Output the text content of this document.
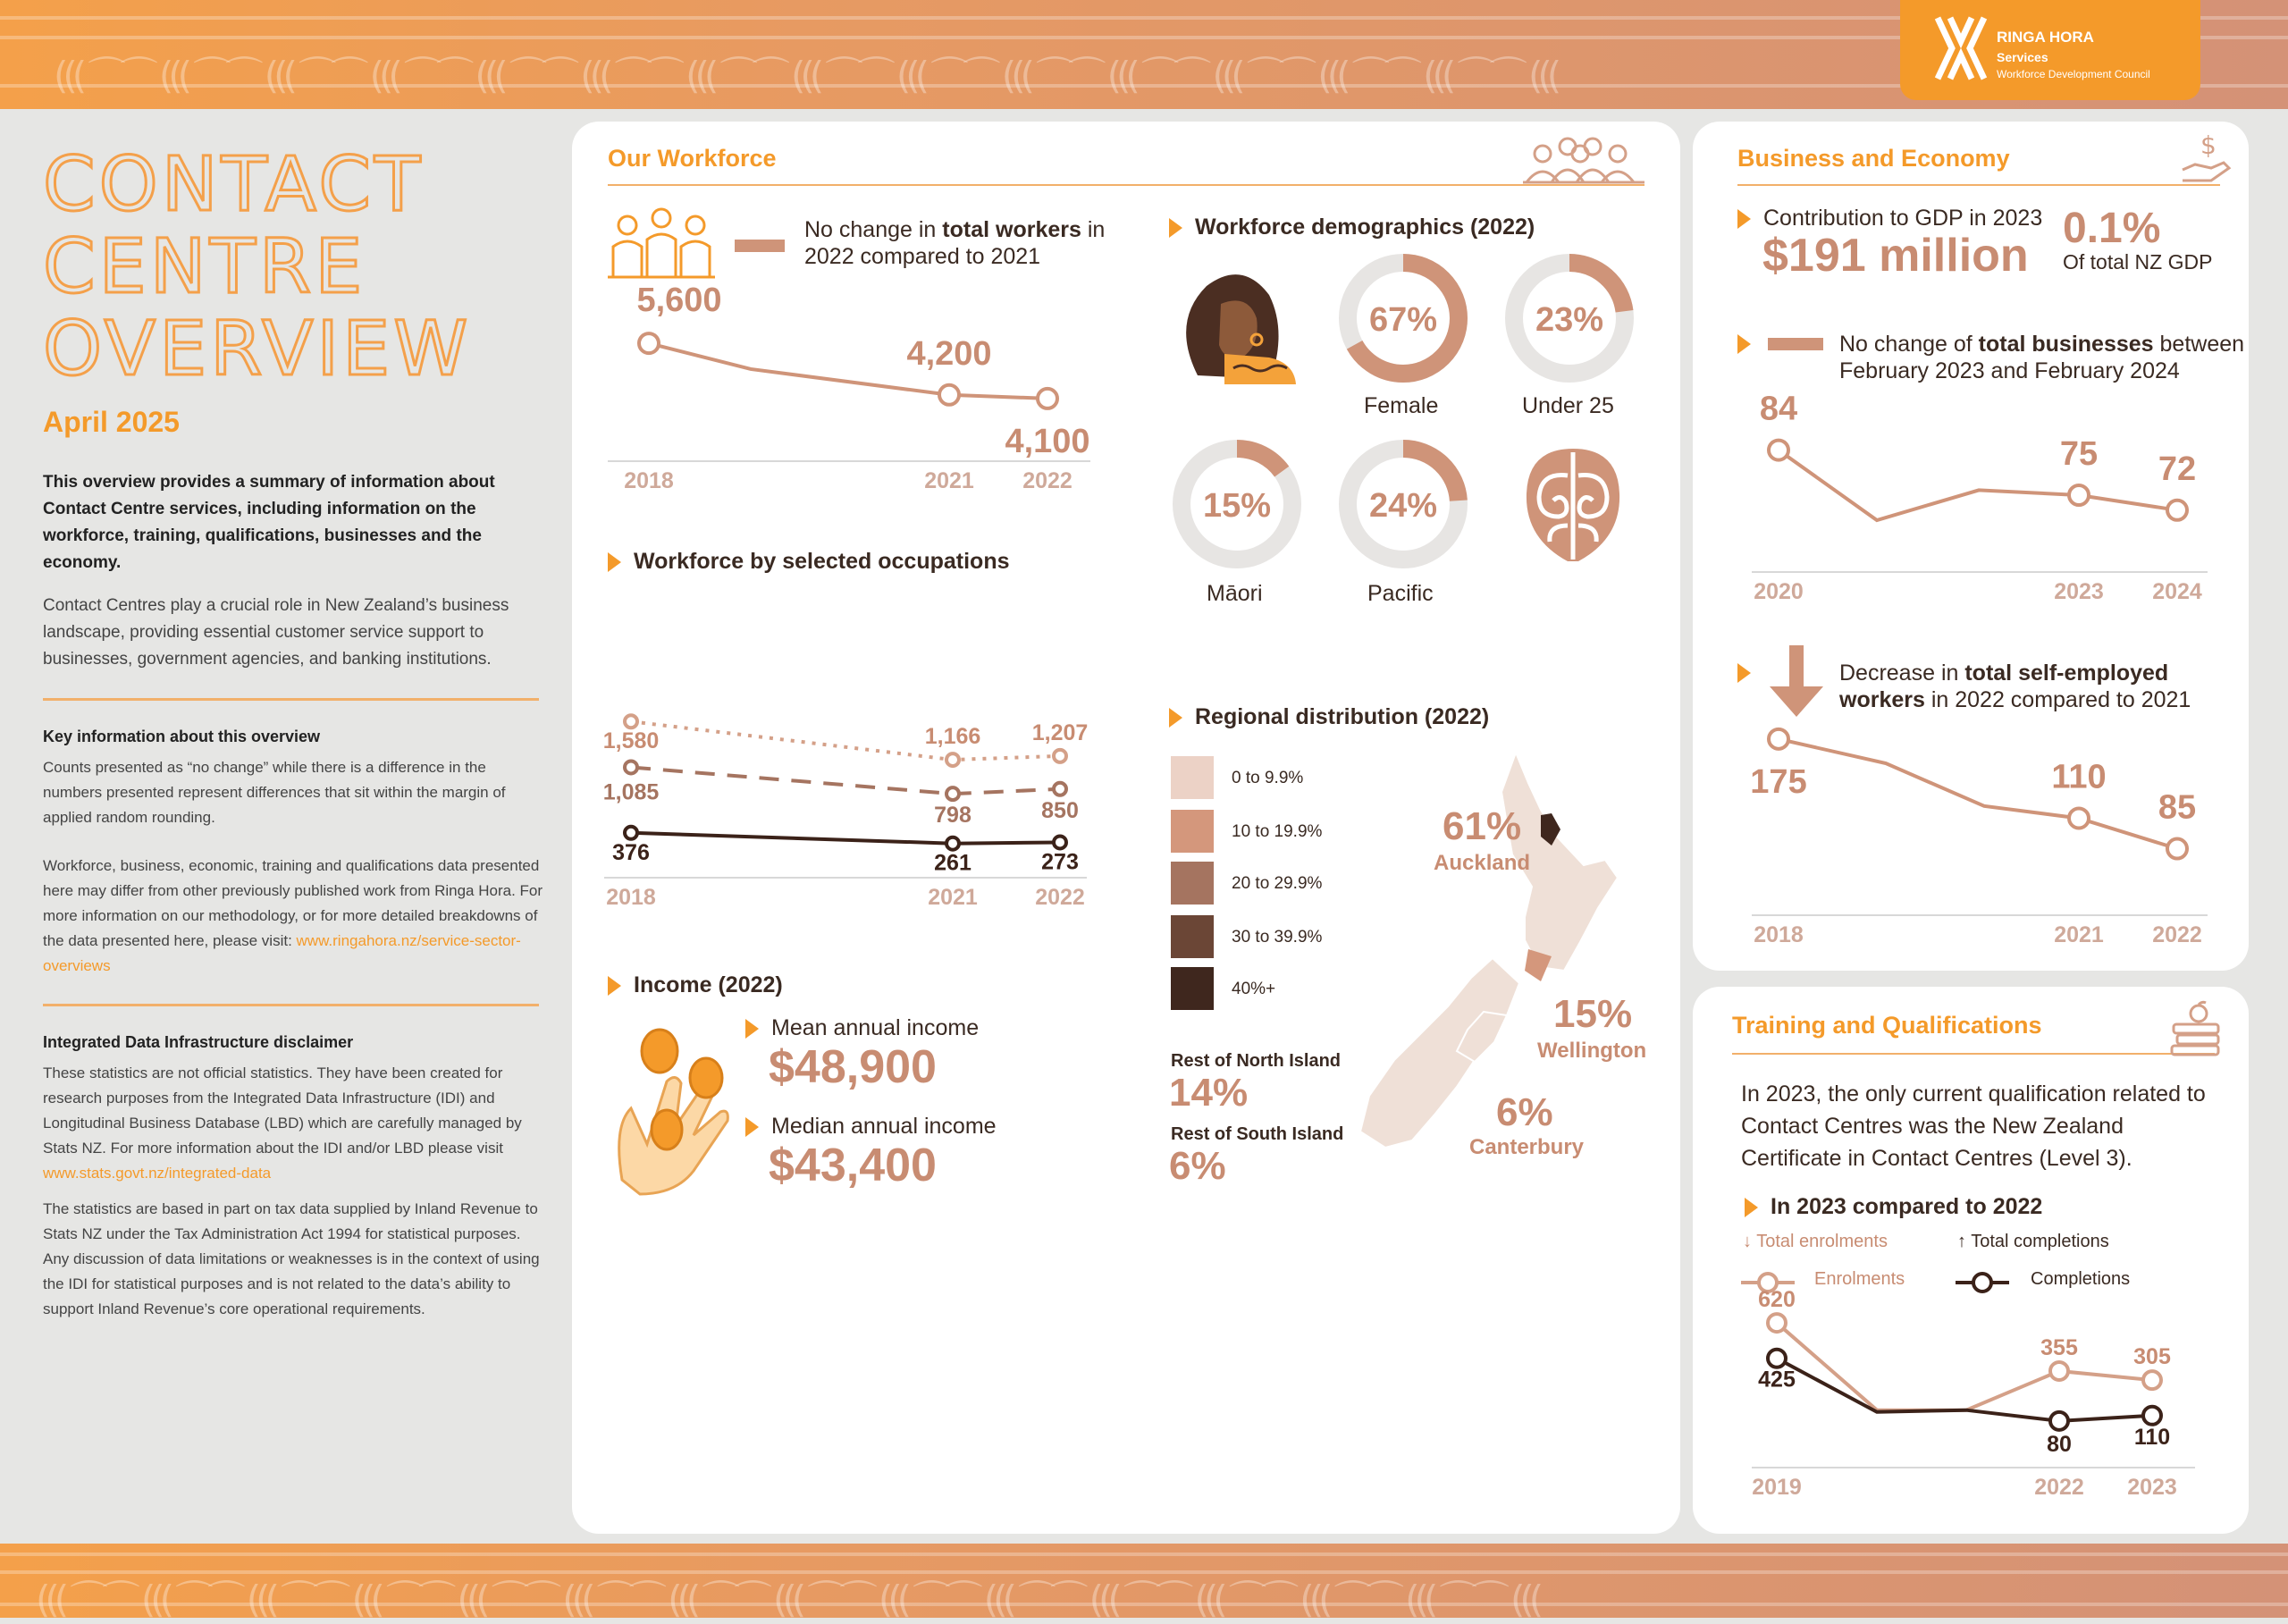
((( ⌒⌒ ((( ⌒⌒ ((( ⌒⌒ ((( ⌒⌒ ((( ⌒⌒ ((( ⌒⌒ ((( ⌒⌒ ((( ⌒⌒ ((( ⌒⌒ ((( ⌒⌒ ((( ⌒⌒ ((( ⌒⌒ ((( ⌒⌒ ((( ⌒⌒ (((
RINGA HORA
Services
Workforce Development Council
CONTACT
CENTRE
OVERVIEW
April 2025
This overview provides a summary of information about Contact Centre services, including information on the workforce, training, qualifications, businesses and the economy.
Contact Centres play a crucial role in New Zealand’s business landscape, providing essential customer service support to businesses, government agencies, and banking institutions.
Key information about this overview
Counts presented as “no change” while there is a difference in the numbers presented represent differences that sit within the margin of applied random rounding.
Workforce, business, economic, training and qualifications data presented here may differ from other previously published work from Ringa Hora. For more information on our methodology, or for more detailed breakdowns of the data presented here, please visit: www.ringahora.nz/service-sector-overviews
Integrated Data Infrastructure disclaimer
These statistics are not official statistics. They have been created for research purposes from the Integrated Data Infrastructure (IDI) and Longitudinal Business Database (LBD) which are carefully managed by Stats NZ. For more information about the IDI and/or LBD please visit www.stats.govt.nz/integrated-data
The statistics are based in part on tax data supplied by Inland Revenue to Stats NZ under the Tax Administration Act 1994 for statistical purposes. Any discussion of data limitations or weaknesses is in the context of using the IDI for statistical purposes and is not related to the data’s ability to support Inland Revenue’s core operational requirements.
Our Workforce
No change in total workers in
2022 compared to 2021
2018	2021 2022
5,600
4,200
4,100
Workforce by selected occupations
2018	2021	2022
1,580	1,166 1,207
1,085
798	850
376	261	273
Income (2022)
Mean annual income
$48,900
Median annual income
$43,400
Workforce demographics (2022)
67%	23%
15%	24%
Female	Under 25
Māori	Pacific
Regional distribution (2022)
0 to 9.9%
10 to 19.9%
20 to 29.9%
30 to 39.9%
40%+
61%
Auckland
15%
Wellington
6%
Canterbury
Rest of North Island
14%
Rest of South Island
6%
Business and Economy	$
Contribution to GDP in 2023
$191 million
0.1%
Of total NZ GDP
No change of total businesses between
February 2023 and February 2024
2020	2023 2024
84
75 72
Decrease in total self-employed
workers in 2022 compared to 2021
2018	2021 2022
175	110
85
Training and Qualifications
In 2023, the only current qualification related to Contact Centres was the New Zealand Certificate in Contact Centres (Level 3).
In 2023 compared to 2022
↓ Total enrolments	↑ Total completions
Enrolments	Completions
2019	2022 2023
620
355 305
425
80	110
((( ⌒⌒ ((( ⌒⌒ ((( ⌒⌒ ((( ⌒⌒ ((( ⌒⌒ ((( ⌒⌒ ((( ⌒⌒ ((( ⌒⌒ ((( ⌒⌒ ((( ⌒⌒ ((( ⌒⌒ ((( ⌒⌒ ((( ⌒⌒ ((( ⌒⌒ (((
